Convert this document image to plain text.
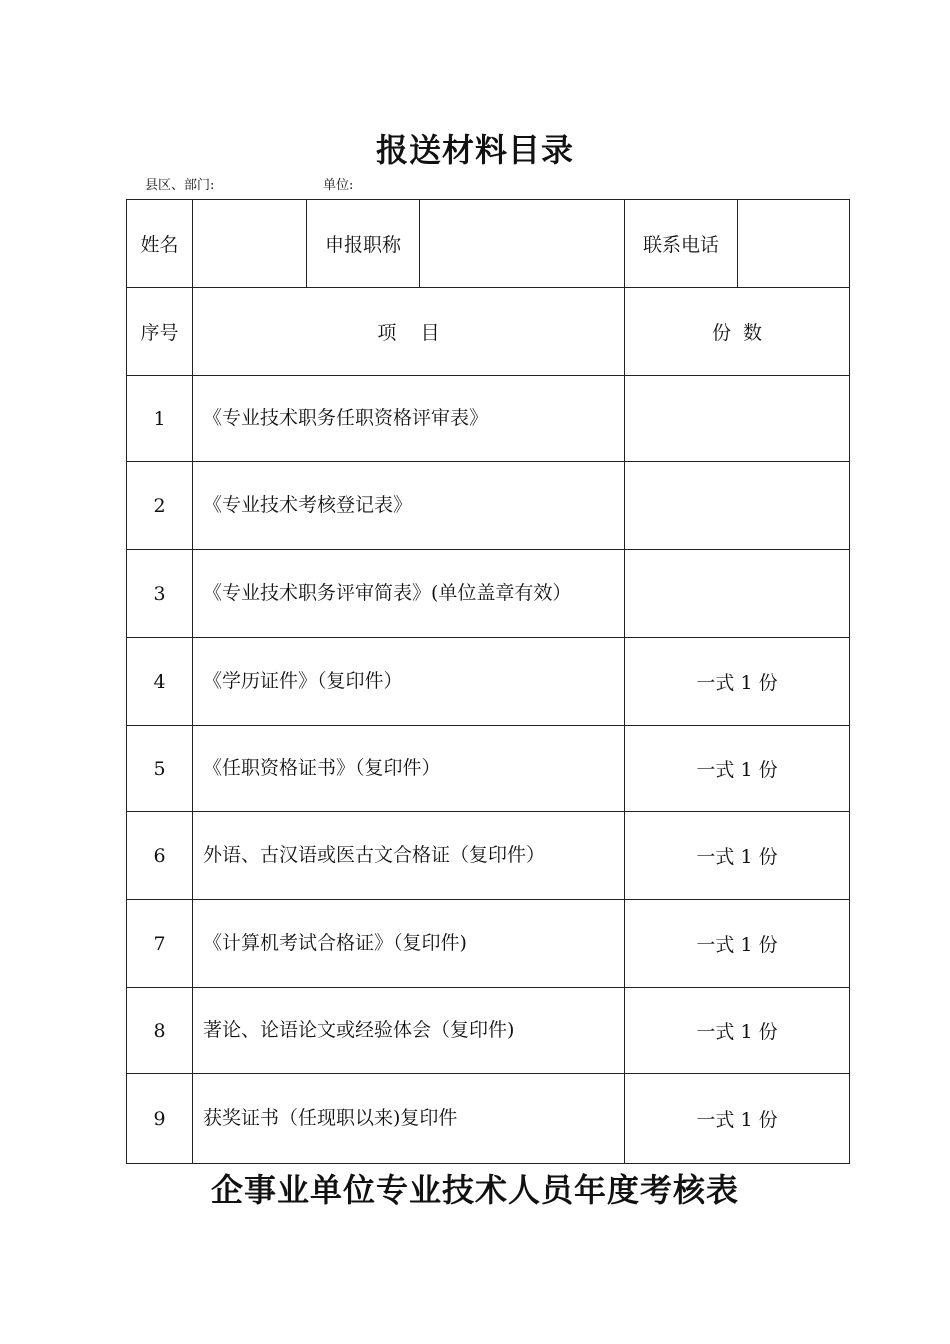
报送材料目录
县区、部门:	单位:
姓名		申报职称		联系电话	
序号	项    目			份  数	
1	《专业技术职务任职资格评审表》				
2	《专业技术考核登记表》				
3	《专业技术职务评审简表》(单位盖章有效）				
4	《学历证件》（复印件）			一式 1 份	
5	《任职资格证书》（复印件）			一式 1 份	
6	外语、古汉语或医古文合格证（复印件）			一式 1 份	
7	《计算机考试合格证》（复印件)			一式 1 份	
8	著论、论语论文或经验体会（复印件)			一式 1 份	
9	获奖证书（任现职以来)复印件			一式 1 份	
企事业单位专业技术人员年度考核表
